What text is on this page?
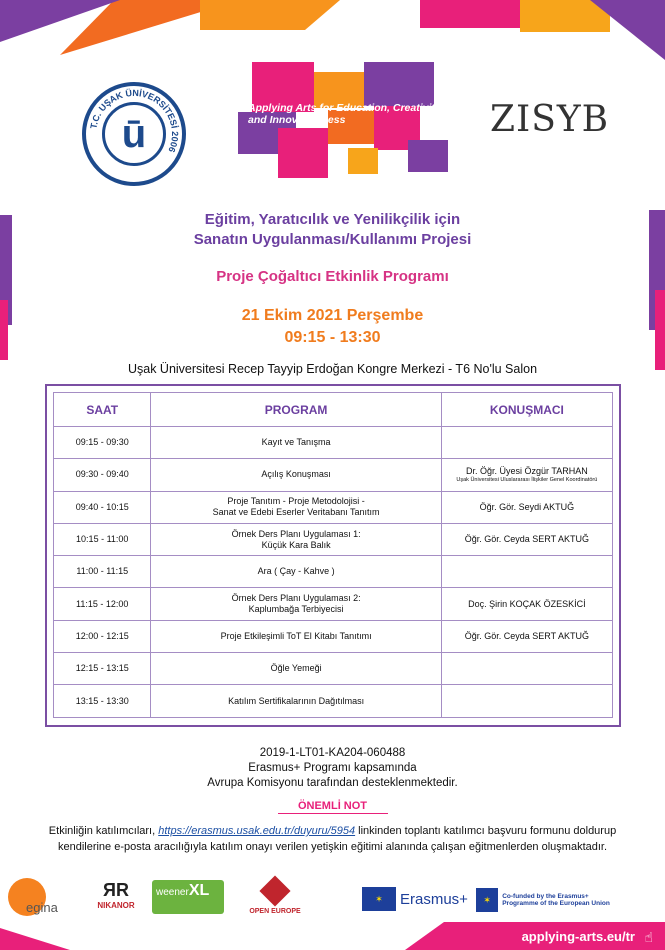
T.C. UŞAK ÜNİVERSİTESİ 2006
ū
Applying Arts for Education, Creativity and Innovativeness	ZISYB
Eğitim, Yaratıcılık ve Yenilikçilik için
Sanatın Uygulanması/Kullanımı Projesi
Proje Çoğaltıcı Etkinlik Programı
21 Ekim 2021 Perşembe
09:15 - 13:30
Uşak Üniversitesi Recep Tayyip Erdoğan Kongre Merkezi - T6 No'lu Salon
SAAT	PROGRAM	KONUŞMACI
09:15 - 09:30	Kayıt ve Tanışma	

09:30 - 09:40	Açılış Konuşması	Dr. Öğr. Üyesi Özgür TARHAN
Uşak Üniversitesi Uluslararası İlişkiler Genel Koordinatörü

09:40 - 10:15	Proje Tanıtım - Proje Metodolojisi -
Sanat ve Edebi Eserler Veritabanı Tanıtım	Öğr. Gör. Seydi AKTUĞ
10:15 - 11:00	Örnek Ders Planı Uygulaması 1:
Küçük Kara Balık	Öğr. Gör. Ceyda SERT AKTUĞ
11:00 - 11:15	Ara ( Çay - Kahve )	

11:15 - 12:00	Örnek Ders Planı Uygulaması 2:
Kaplumbağa Terbiyecisi	Doç. Şirin KOÇAK ÖZESKİCİ
12:00 - 12:15	Proje Etkileşimli ToT El Kitabı Tanıtımı	Öğr. Gör. Ceyda SERT AKTUĞ
12:15 - 13:15	Öğle Yemeği	

13:15 - 13:30	Katılım Sertifikalarının Dağıtılması	

2019-1-LT01-KA204-060488
Erasmus+ Programı kapsamında
Avrupa Komisyonu tarafından desteklenmektedir.
ÖNEMLİ NOT
Etkinliğin katılımcıları, https://erasmus.usak.edu.tr/duyuru/5954 linkinden toplantı katılımcı başvuru formunu doldurup kendilerine e-posta aracılığıyla katılım onayı verilen yetişkin eğitimi alanında çalışan eğitmenlerden oluşmaktadır.
egina
ЯR
NIKANOR
weenerXL
OPEN EUROPE
✶	Erasmus+	✶	Co-funded by the Erasmus+ Programme of the European Union
applying-arts.eu/tr ☝
